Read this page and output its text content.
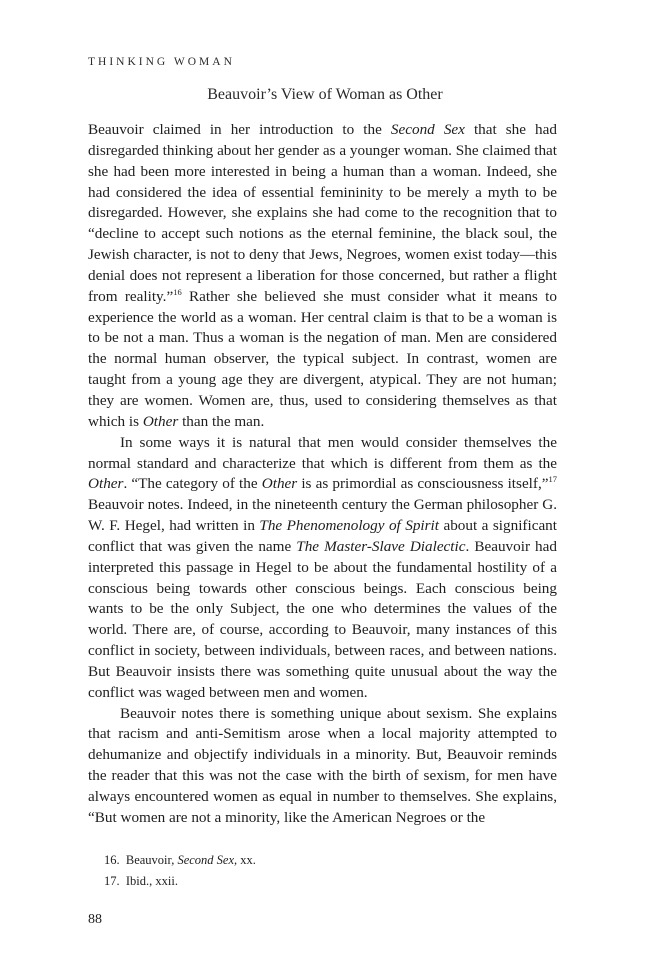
THINKING WOMAN
Beauvoir’s View of Woman as Other

Beauvoir claimed in her introduction to the Second Sex that she had disregarded thinking about her gender as a younger woman. She claimed that she had been more interested in being a human than a woman. Indeed, she had considered the idea of essential femininity to be merely a myth to be disregarded. However, she explains she had come to the recognition that to “decline to accept such notions as the eternal feminine, the black soul, the Jewish character, is not to deny that Jews, Negroes, women exist today—this denial does not represent a liberation for those concerned, but rather a flight from reality.”$^{16}$ Rather she believed she must consider what it means to experience the world as a woman. Her central claim is that to be a woman is to be not a man. Thus a woman is the negation of man. Men are considered the normal human observer, the typical subject. In contrast, women are taught from a young age they are divergent, atypical. They are not human; they are women. Women are, thus, used to considering themselves as that which is Other than the man.

In some ways it is natural that men would consider themselves the normal standard and characterize that which is different from them as the Other. “The category of the Other is as primordial as consciousness itself,”$^{17}$ Beauvoir notes. Indeed, in the nineteenth century the German philosopher G. W. F. Hegel, had written in The Phenomenology of Spirit about a significant conflict that was given the name The Master-Slave Dialectic. Beauvoir had interpreted this passage in Hegel to be about the fundamental hostility of a conscious being towards other conscious beings. Each conscious being wants to be the only Subject, the one who determines the values of the world. There are, of course, according to Beauvoir, many instances of this conflict in society, between individuals, between races, and between nations. But Beauvoir insists there was something quite unusual about the way the conflict was waged between men and women.

Beauvoir notes there is something unique about sexism. She explains that racism and anti-Semitism arose when a local majority attempted to dehumanize and objectify individuals in a minority. But, Beauvoir reminds the reader that this was not the case with the birth of sexism, for men have always encountered women as equal in number to themselves. She explains, “But women are not a minority, like the American Negroes or the

16. Beauvoir, Second Sex, xx.

17. Ibid., xxii.

88
